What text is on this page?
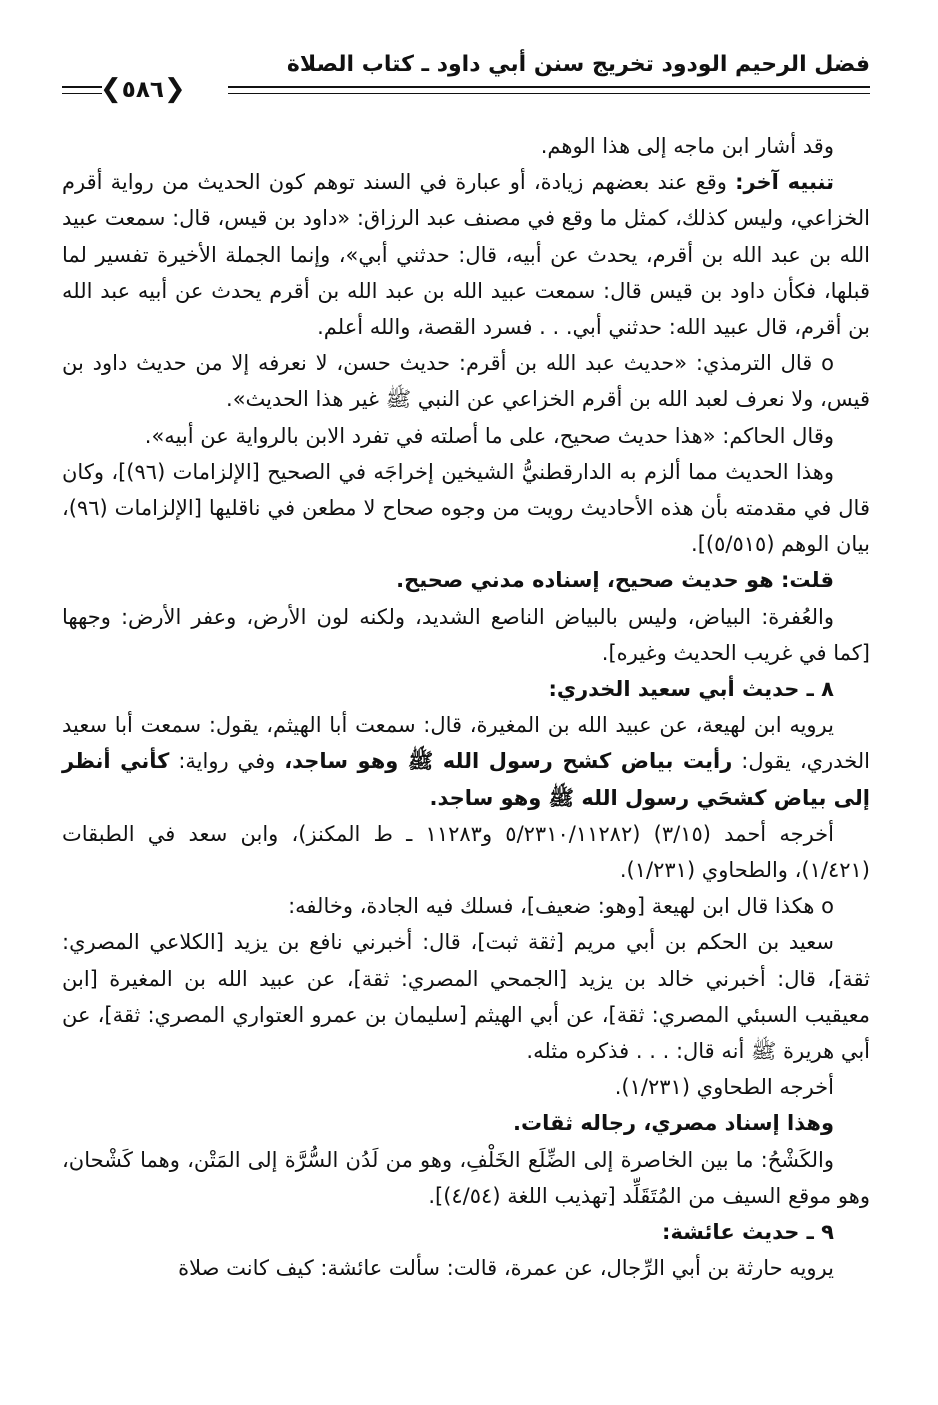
فضل الرحيم الودود تخريج سنن أبي داود ـ كتاب الصلاة
❮٥٨٦❯

وقد أشار ابن ماجه إلى هذا الوهم.

تنبيه آخر: وقع عند بعضهم زيادة، أو عبارة في السند توهم كون الحديث من رواية أقرم الخزاعي، وليس كذلك، كمثل ما وقع في مصنف عبد الرزاق: «داود بن قيس، قال: سمعت عبيد الله بن عبد الله بن أقرم، يحدث عن أبيه، قال: حدثني أبي»، وإنما الجملة الأخيرة تفسير لما قبلها، فكأن داود بن قيس قال: سمعت عبيد الله بن عبد الله بن أقرم يحدث عن أبيه عبد الله بن أقرم، قال عبيد الله: حدثني أبي. . . فسرد القصة، والله أعلم.

o قال الترمذي: «حديث عبد الله بن أقرم: حديث حسن، لا نعرفه إلا من حديث داود بن قيس، ولا نعرف لعبد الله بن أقرم الخزاعي عن النبي ﷺ غير هذا الحديث».

وقال الحاكم: «هذا حديث صحيح، على ما أصلته في تفرد الابن بالرواية عن أبيه».

وهذا الحديث مما ألزم به الدارقطنيُّ الشيخين إخراجَه في الصحيح [الإلزامات (٩٦)]، وكان قال في مقدمته بأن هذه الأحاديث رويت من وجوه صحاح لا مطعن في ناقليها [الإلزامات (٩٦)، بيان الوهم (٥/٥١٥)].

قلت: هو حديث صحيح، إسناده مدني صحيح.

والعُفرة: البياض، وليس بالبياض الناصع الشديد، ولكنه لون الأرض، وعفر الأرض: وجهها [كما في غريب الحديث وغيره].

٨ ـ حديث أبي سعيد الخدري:

يرويه ابن لهيعة، عن عبيد الله بن المغيرة، قال: سمعت أبا الهيثم، يقول: سمعت أبا سعيد الخدري، يقول: رأيت بياض كشح رسول الله ﷺ وهو ساجد، وفي رواية: كأني أنظر إلى بياض كشحَي رسول الله ﷺ وهو ساجد.

أخرجه أحمد (٣/١٥) (٥/٢٣١٠/١١٢٨٢ و١١٢٨٣ ـ ط المكنز)، وابن سعد في الطبقات (١/٤٢١)، والطحاوي (١/٢٣١).

o هكذا قال ابن لهيعة [وهو: ضعيف]، فسلك فيه الجادة، وخالفه:

سعيد بن الحكم بن أبي مريم [ثقة ثبت]، قال: أخبرني نافع بن يزيد [الكلاعي المصري: ثقة]، قال: أخبرني خالد بن يزيد [الجمحي المصري: ثقة]، عن عبيد الله بن المغيرة [ابن معيقيب السبئي المصري: ثقة]، عن أبي الهيثم [سليمان بن عمرو العتواري المصري: ثقة]، عن أبي هريرة ﷺ أنه قال: . . . فذكره مثله.

أخرجه الطحاوي (١/٢٣١).

وهذا إسناد مصري، رجاله ثقات.

والكَشْحُ: ما بين الخاصرة إلى الضِّلَع الخَلْفِ، وهو من لَدُن السُّرَّة إلى المَتْن، وهما كَشْحان، وهو موقع السيف من المُتَقَلِّد [تهذيب اللغة (٤/٥٤)].

٩ ـ حديث عائشة:

يرويه حارثة بن أبي الرِّجال، عن عمرة، قالت: سألت عائشة: كيف كانت صلاة
